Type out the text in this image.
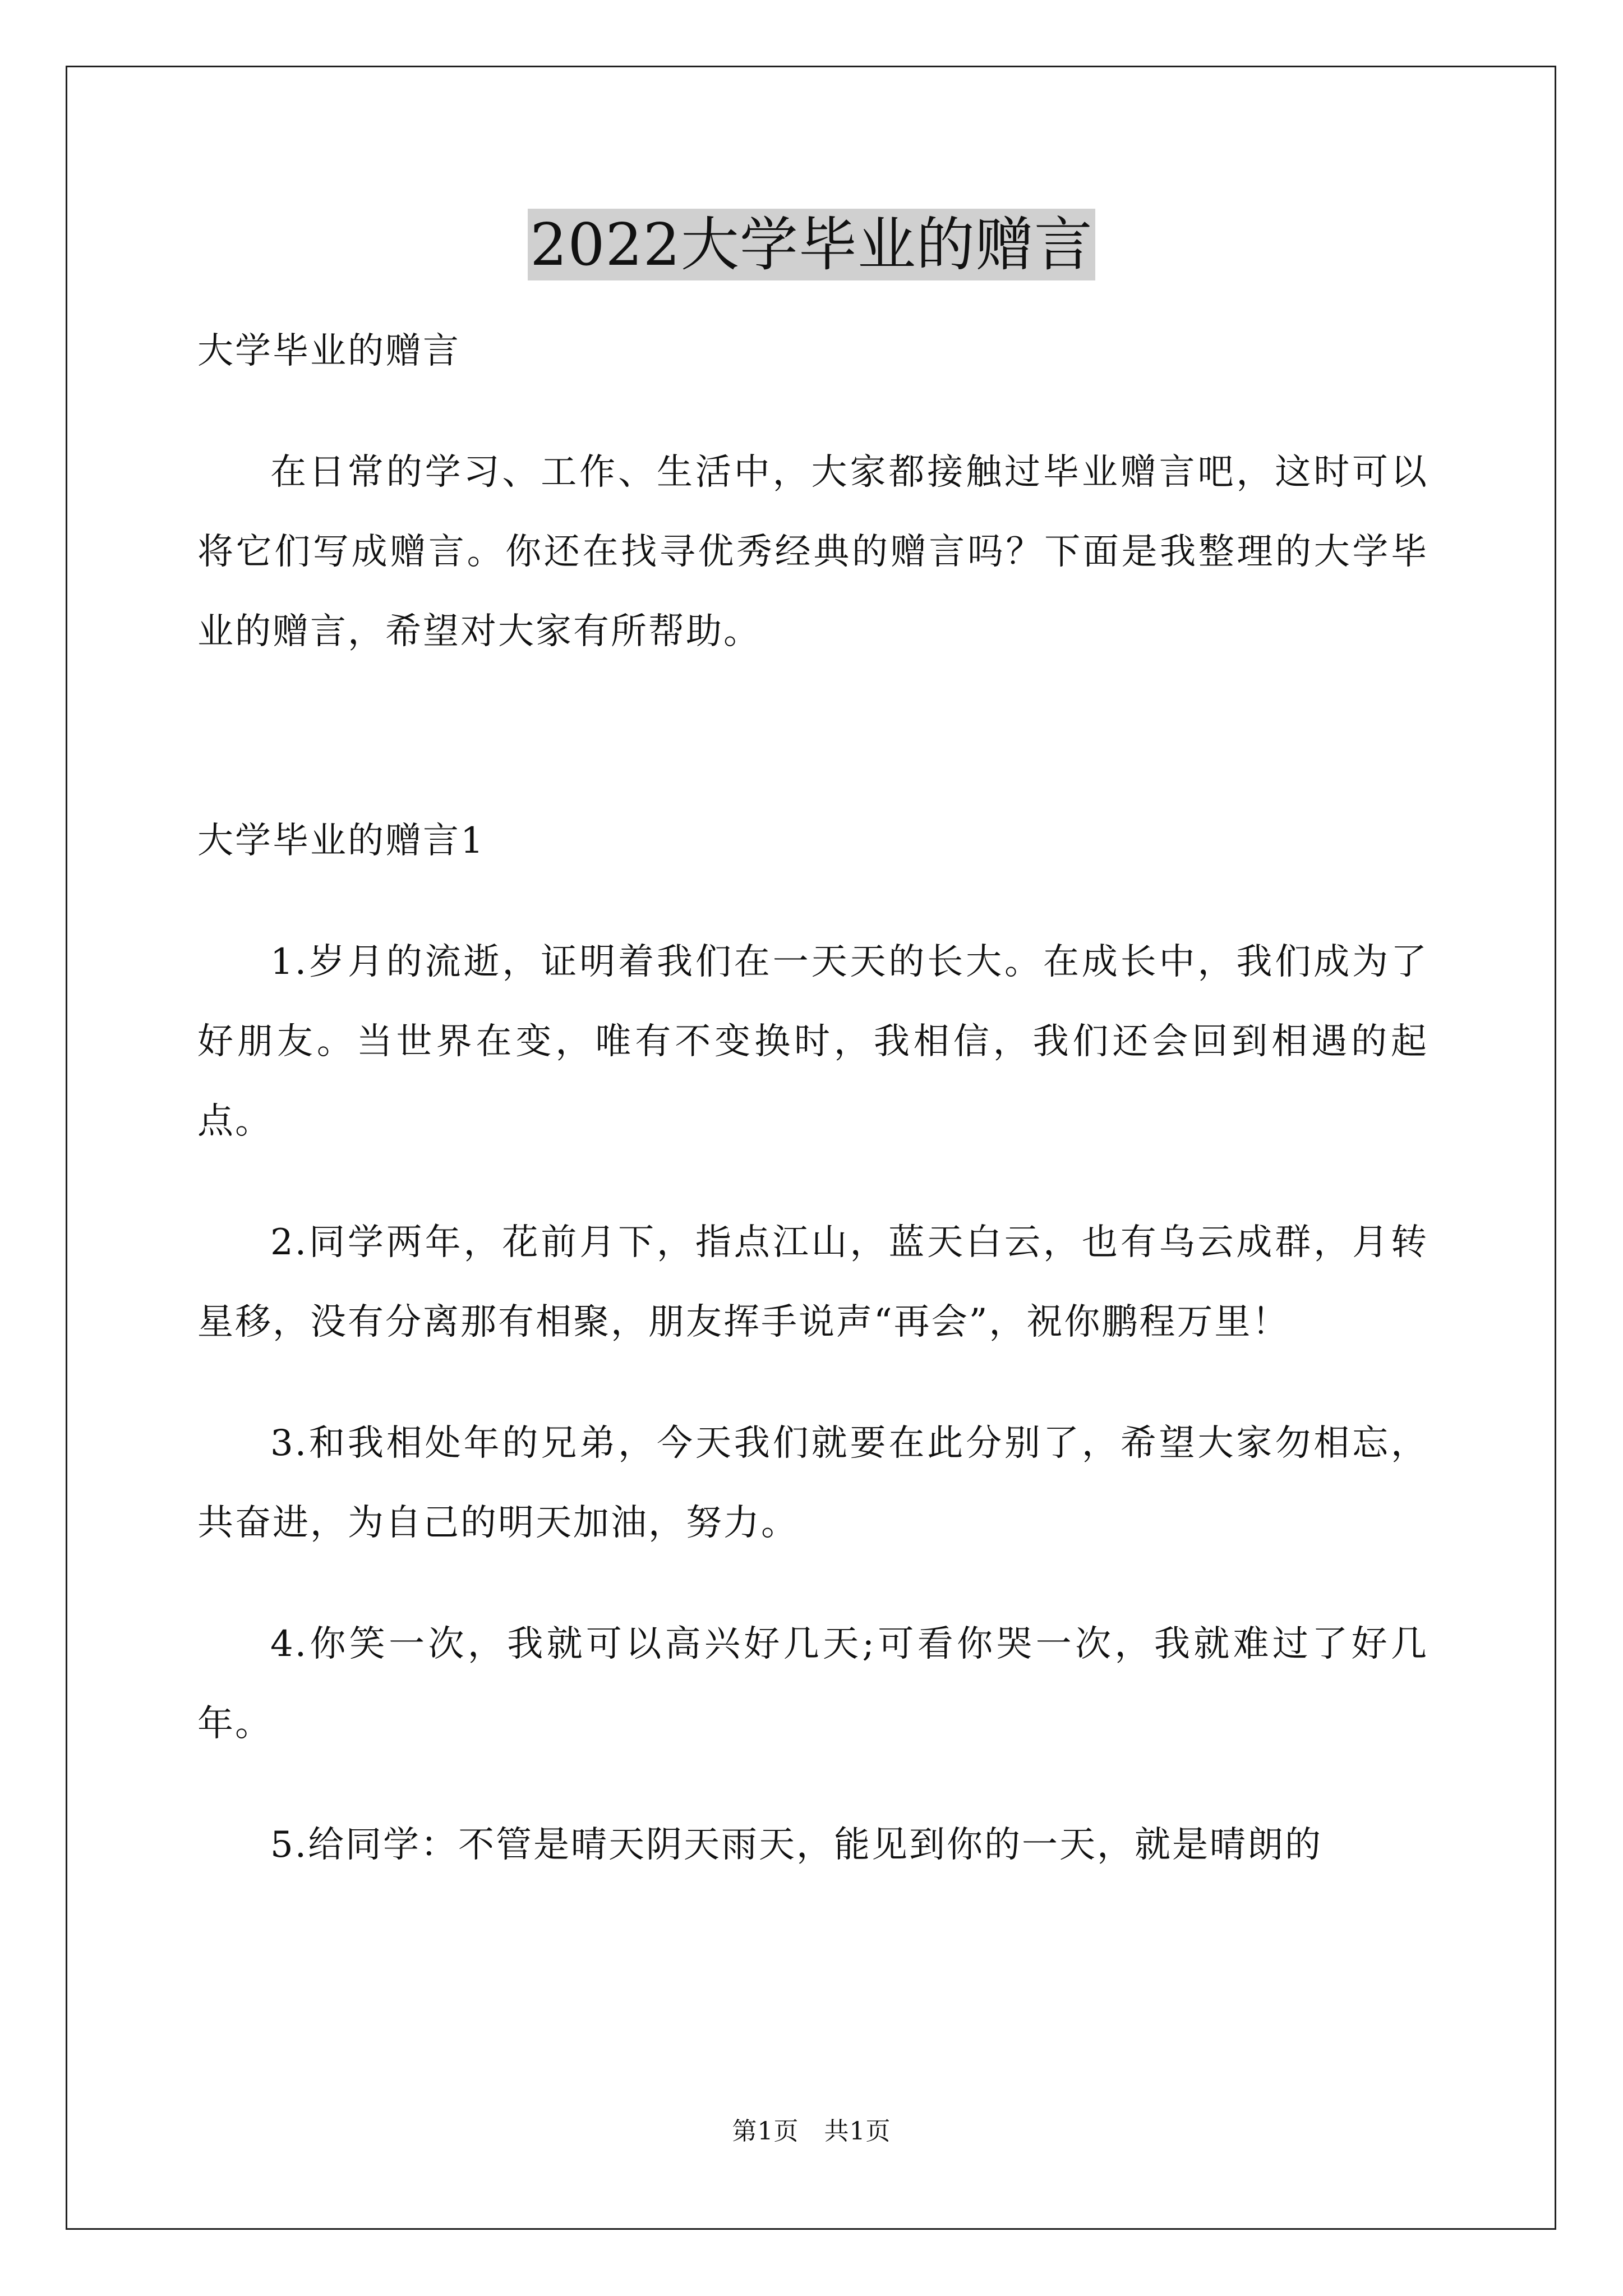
2022大学毕业的赠言

大学毕业的赠言

在日常的学习、工作、生活中，大家都接触过毕业赠言吧，这时可以将它们写成赠言。你还在找寻优秀经典的赠言吗？下面是我整理的大学毕业的赠言，希望对大家有所帮助。

大学毕业的赠言1

1.岁月的流逝，证明着我们在一天天的长大。在成长中，我们成为了好朋友。当世界在变，唯有不变换时，我相信，我们还会回到相遇的起点。

2.同学两年，花前月下，指点江山，蓝天白云，也有乌云成群，月转星移，没有分离那有相聚，朋友挥手说声“再会”，祝你鹏程万里！

3.和我相处年的兄弟，今天我们就要在此分别了，希望大家勿相忘，共奋进，为自己的明天加油，努力。

4.你笑一次，我就可以高兴好几天;可看你哭一次，我就难过了好几年。

5.给同学：不管是晴天阴天雨天，能见到你的一天，就是晴朗的

第1页　共1页
